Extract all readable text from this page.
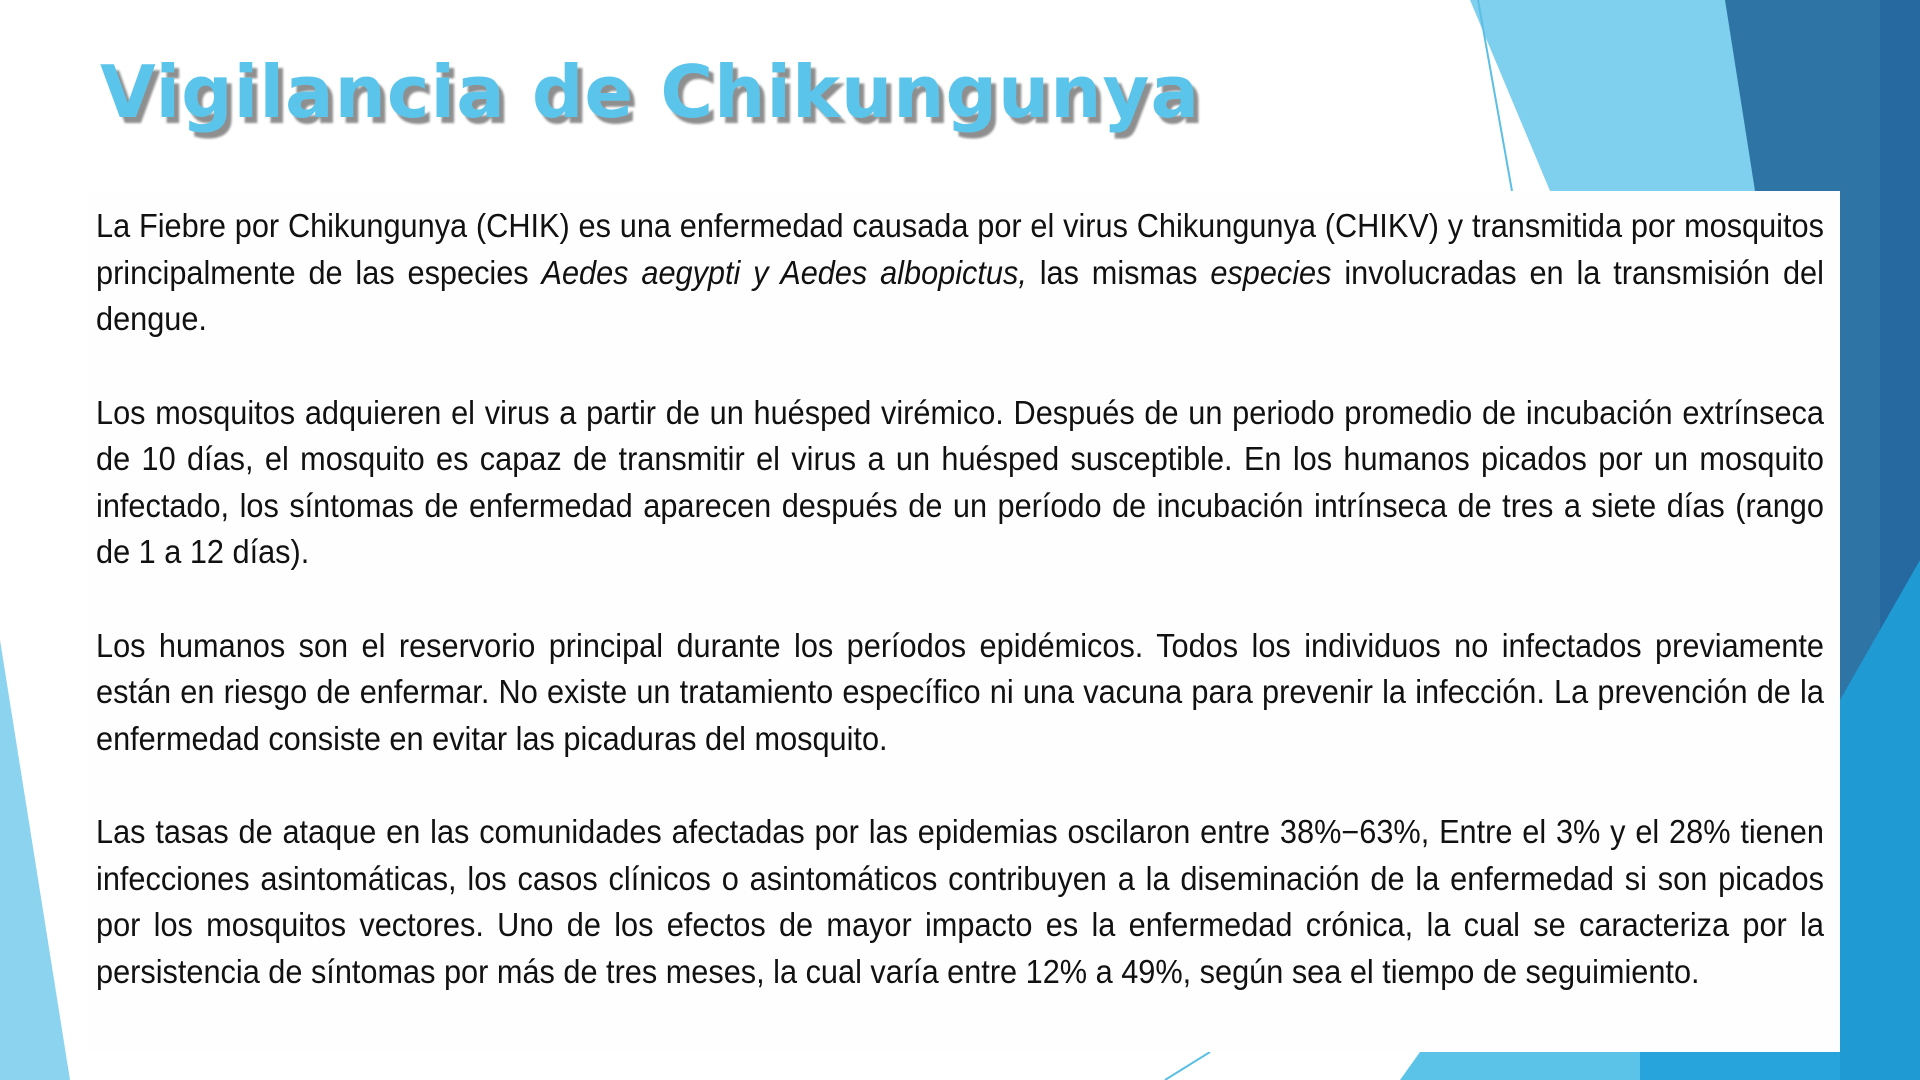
Vigilancia de Chikungunya

La Fiebre por Chikungunya (CHIK) es una enfermedad causada por el virus Chikungunya (CHIKV) y transmitida por mosquitos principalmente de las especies Aedes aegypti y Aedes albopictus, las mismas especies involucradas en la transmisión del dengue.

Los mosquitos adquieren el virus a partir de un huésped virémico. Después de un periodo promedio de incubación extrínseca de 10 días, el mosquito es capaz de transmitir el virus a un huésped susceptible. En los humanos picados por un mosquito infectado, los síntomas de enfermedad aparecen después de un período de incubación intrínseca de tres a siete días (rango de 1 a 12 días).

Los humanos son el reservorio principal durante los períodos epidémicos. Todos los individuos no infectados previamente están en riesgo de enfermar. No existe un tratamiento específico ni una vacuna para prevenir la infección. La prevención de la enfermedad consiste en evitar las picaduras del mosquito.

Las tasas de ataque en las comunidades afectadas por las epidemias oscilaron entre 38%−63%, Entre el 3% y el 28% tienen infecciones asintomáticas, los casos clínicos o asintomáticos contribuyen a la diseminación de la enfermedad si son picados por los mosquitos vectores. Uno de los efectos de mayor impacto es la enfermedad crónica, la cual se caracteriza por la persistencia de síntomas por más de tres meses, la cual varía entre 12% a 49%, según sea el tiempo de seguimiento.
